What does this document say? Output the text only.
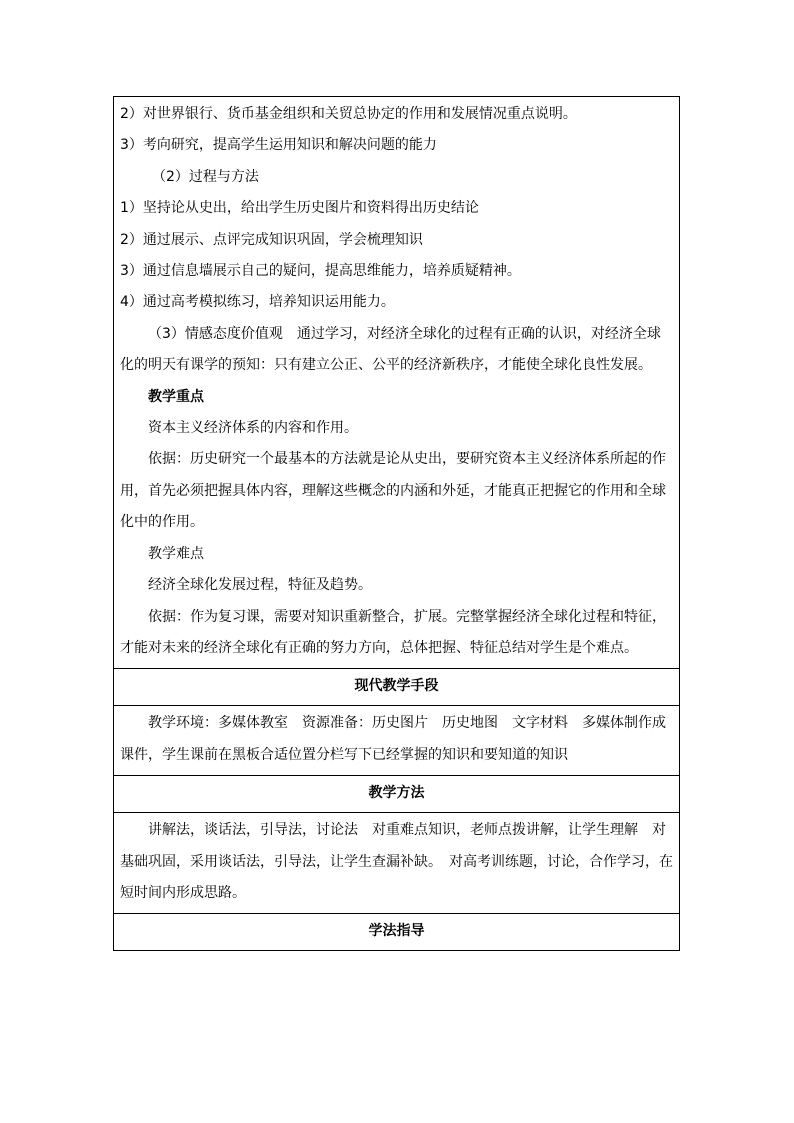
2）对世界银行、货币基金组织和关贸总协定的作用和发展情况重点说明。
3）考向研究，提高学生运用知识和解决问题的能力
（2）过程与方法
1）坚持论从史出，给出学生历史图片和资料得出历史结论
2）通过展示、点评完成知识巩固，学会梳理知识
3）通过信息墙展示自己的疑问，提高思维能力，培养质疑精神。
4）通过高考模拟练习，培养知识运用能力。

（3）情感态度价值观　通过学习，对经济全球化的过程有正确的认识，对经济全球化的明天有课学的预知：只有建立公正、公平的经济新秩序，才能使全球化良性发展。

教学重点
资本主义经济体系的内容和作用。

依据：历史研究一个最基本的方法就是论从史出，要研究资本主义经济体系所起的作用，首先必须把握具体内容，理解这些概念的内涵和外延，才能真正把握它的作用和全球化中的作用。

教学难点
经济全球化发展过程，特征及趋势。

依据：作为复习课，需要对知识重新整合，扩展。完整掌握经济全球化过程和特征，才能对未来的经济全球化有正确的努力方向，总体把握、特征总结对学生是个难点。

现代教学手段

教学环境：多媒体教室　资源准备：历史图片　历史地图　文字材料　多媒体制作成课件，学生课前在黑板合适位置分栏写下已经掌握的知识和要知道的知识

教学方法

讲解法，谈话法，引导法，讨论法　对重难点知识，老师点拨讲解，让学生理解　对基础巩固，采用谈话法，引导法，让学生查漏补缺。　对高考训练题，讨论，合作学习，在短时间内形成思路。

学法指导
